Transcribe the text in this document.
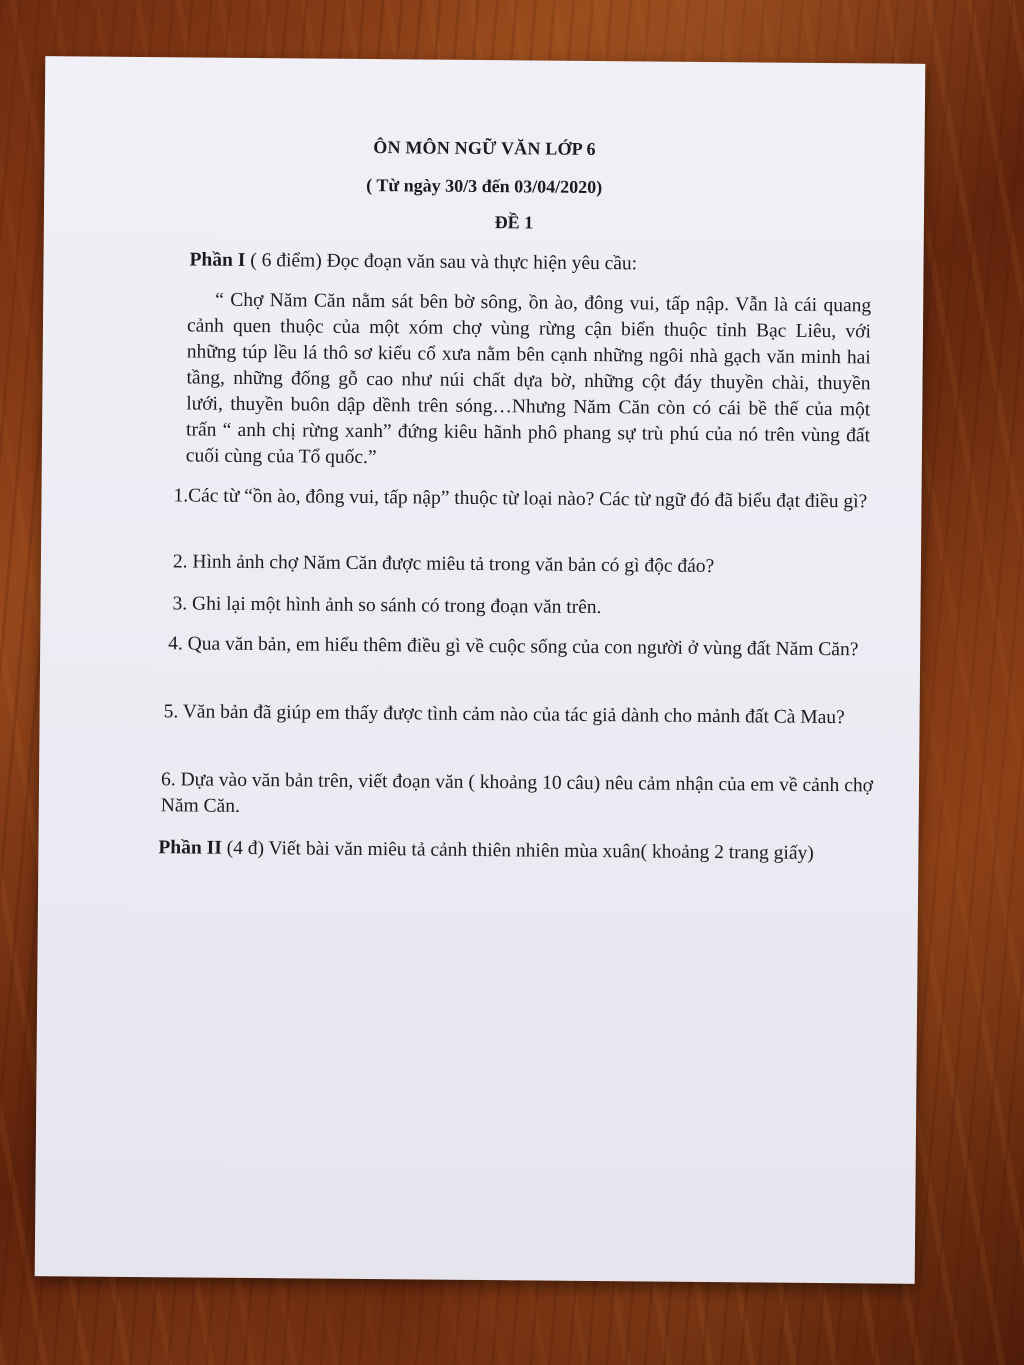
ÔN MÔN NGỮ VĂN LỚP 6

( Từ ngày 30/3 đến 03/04/2020)

ĐỀ 1

Phần I ( 6 điểm) Đọc đoạn văn sau và thực hiện yêu cầu:

“ Chợ Năm Căn nằm sát bên bờ sông, ồn ào, đông vui, tấp nập. Vẫn là cái quang
cảnh quen thuộc của một xóm chợ vùng rừng cận biển thuộc tỉnh Bạc Liêu, với
những túp lều lá thô sơ kiểu cổ xưa nằm bên cạnh những ngôi nhà gạch văn minh hai
tầng, những đống gỗ cao như núi chất dựa bờ, những cột đáy thuyền chài, thuyền
lưới, thuyền buôn dập dềnh trên sóng…Nhưng Năm Căn còn có cái bề thế của một
trấn “ anh chị rừng xanh” đứng kiêu hãnh phô phang sự trù phú của nó trên vùng đất
cuối cùng của Tổ quốc.”

1.Các từ “ồn ào, đông vui, tấp nập” thuộc từ loại nào? Các từ ngữ đó đã biểu đạt điều gì?

2. Hình ảnh chợ Năm Căn được miêu tả trong văn bản có gì độc đáo?

3. Ghi lại một hình ảnh so sánh có trong đoạn văn trên.

4. Qua văn bản, em hiểu thêm điều gì về cuộc sống của con người ở vùng đất Năm Căn?

5. Văn bản đã giúp em thấy được tình cảm nào của tác giả dành cho mảnh đất Cà Mau?

6. Dựa vào văn bản trên, viết đoạn văn ( khoảng 10 câu) nêu cảm nhận của em về cảnh chợ Năm Căn.

Phần II (4 đ) Viết bài văn miêu tả cảnh thiên nhiên mùa xuân( khoảng 2 trang giấy)
